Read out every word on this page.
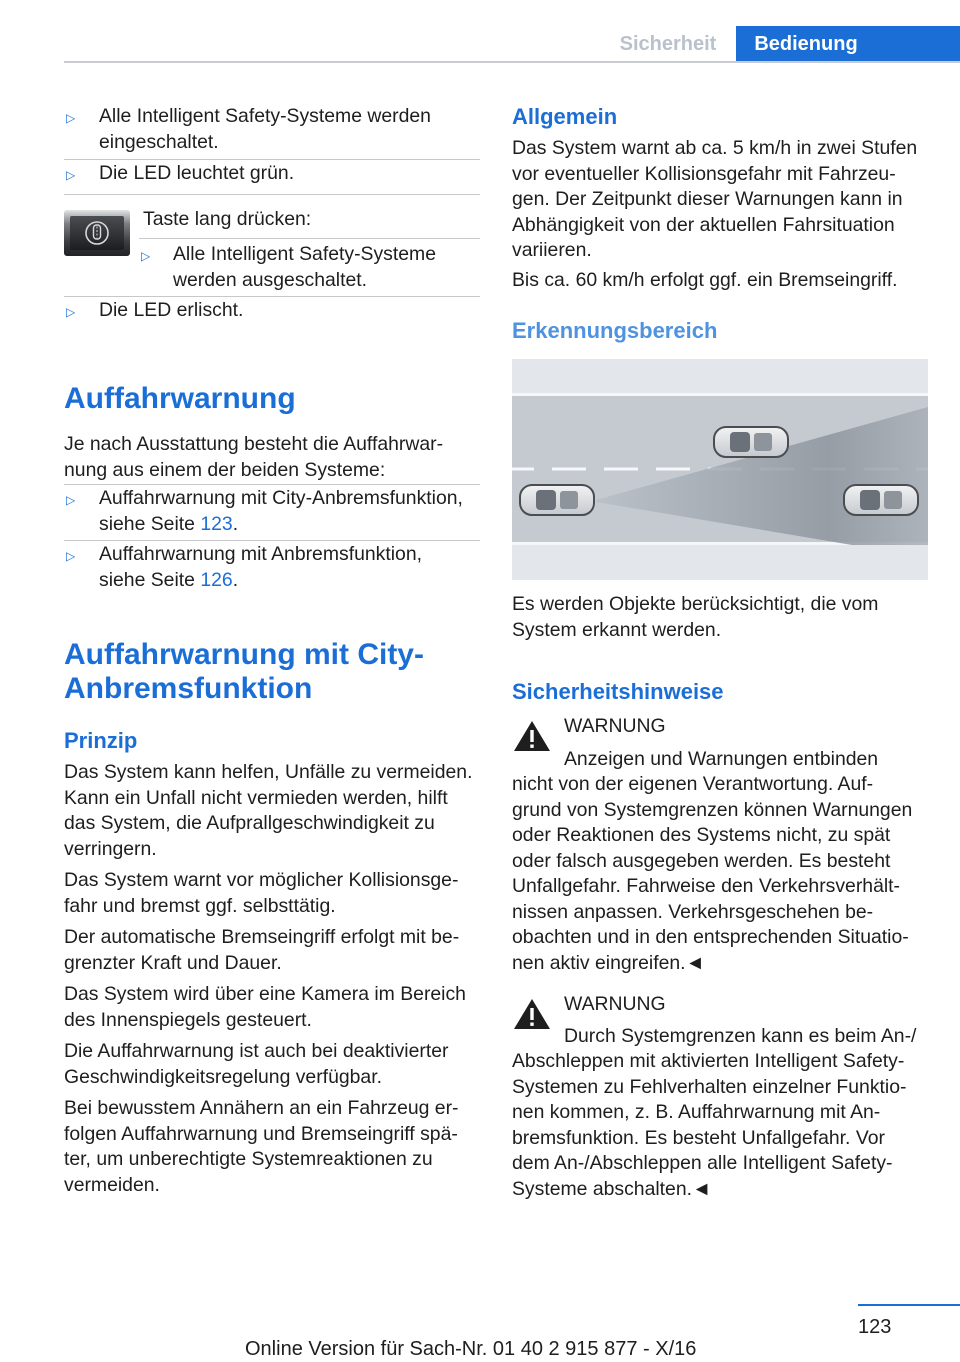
Sicherheit	Bedienung
▷ Alle Intelligent Safety-Systeme werden
eingeschaltet.
▷ Die LED leuchtet grün.
Taste lang drücken:
▷ Alle Intelligent Safety-Systeme
werden ausgeschaltet.
▷ Die LED erlischt.
Auffahrwarnung
Je nach Ausstattung besteht die Auffahrwar-
nung aus einem der beiden Systeme:
▷ Auffahrwarnung mit City-Anbremsfunktion,
siehe Seite 123.
▷ Auffahrwarnung mit Anbremsfunktion,
siehe Seite 126.
Auffahrwarnung mit City-
Anbremsfunktion
Prinzip
Das System kann helfen, Unfälle zu vermeiden.
Kann ein Unfall nicht vermieden werden, hilft
das System, die Aufprallgeschwindigkeit zu
verringern.
Das System warnt vor möglicher Kollisionsge-
fahr und bremst ggf. selbsttätig.
Der automatische Bremseingriff erfolgt mit be-
grenzter Kraft und Dauer.
Das System wird über eine Kamera im Bereich
des Innenspiegels gesteuert.
Die Auffahrwarnung ist auch bei deaktivierter
Geschwindigkeitsregelung verfügbar.
Bei bewusstem Annähern an ein Fahrzeug er-
folgen Auffahrwarnung und Bremseingriff spä-
ter, um unberechtigte Systemreaktionen zu
vermeiden.
Allgemein
Das System warnt ab ca. 5 km/h in zwei Stufen
vor eventueller Kollisionsgefahr mit Fahrzeu-
gen. Der Zeitpunkt dieser Warnungen kann in
Abhängigkeit von der aktuellen Fahrsituation
variieren.
Bis ca. 60 km/h erfolgt ggf. ein Bremseingriff.
Erkennungsbereich
Es werden Objekte berücksichtigt, die vom
System erkannt werden.
Sicherheitshinweise
WARNUNG
Anzeigen und Warnungen entbinden
nicht von der eigenen Verantwortung. Auf-
grund von Systemgrenzen können Warnungen
oder Reaktionen des Systems nicht, zu spät
oder falsch ausgegeben werden. Es besteht
Unfallgefahr. Fahrweise den Verkehrsverhält-
nissen anpassen. Verkehrsgeschehen be-
obachten und in den entsprechenden Situatio-
nen aktiv eingreifen.◄
WARNUNG
Durch Systemgrenzen kann es beim An-/
Abschleppen mit aktivierten Intelligent Safety-
Systemen zu Fehlverhalten einzelner Funktio-
nen kommen, z. B. Auffahrwarnung mit An-
bremsfunktion. Es besteht Unfallgefahr. Vor
dem An-/Abschleppen alle Intelligent Safety-
Systeme abschalten.◄
123
Online Version für Sach-Nr. 01 40 2 915 877 - X/16
